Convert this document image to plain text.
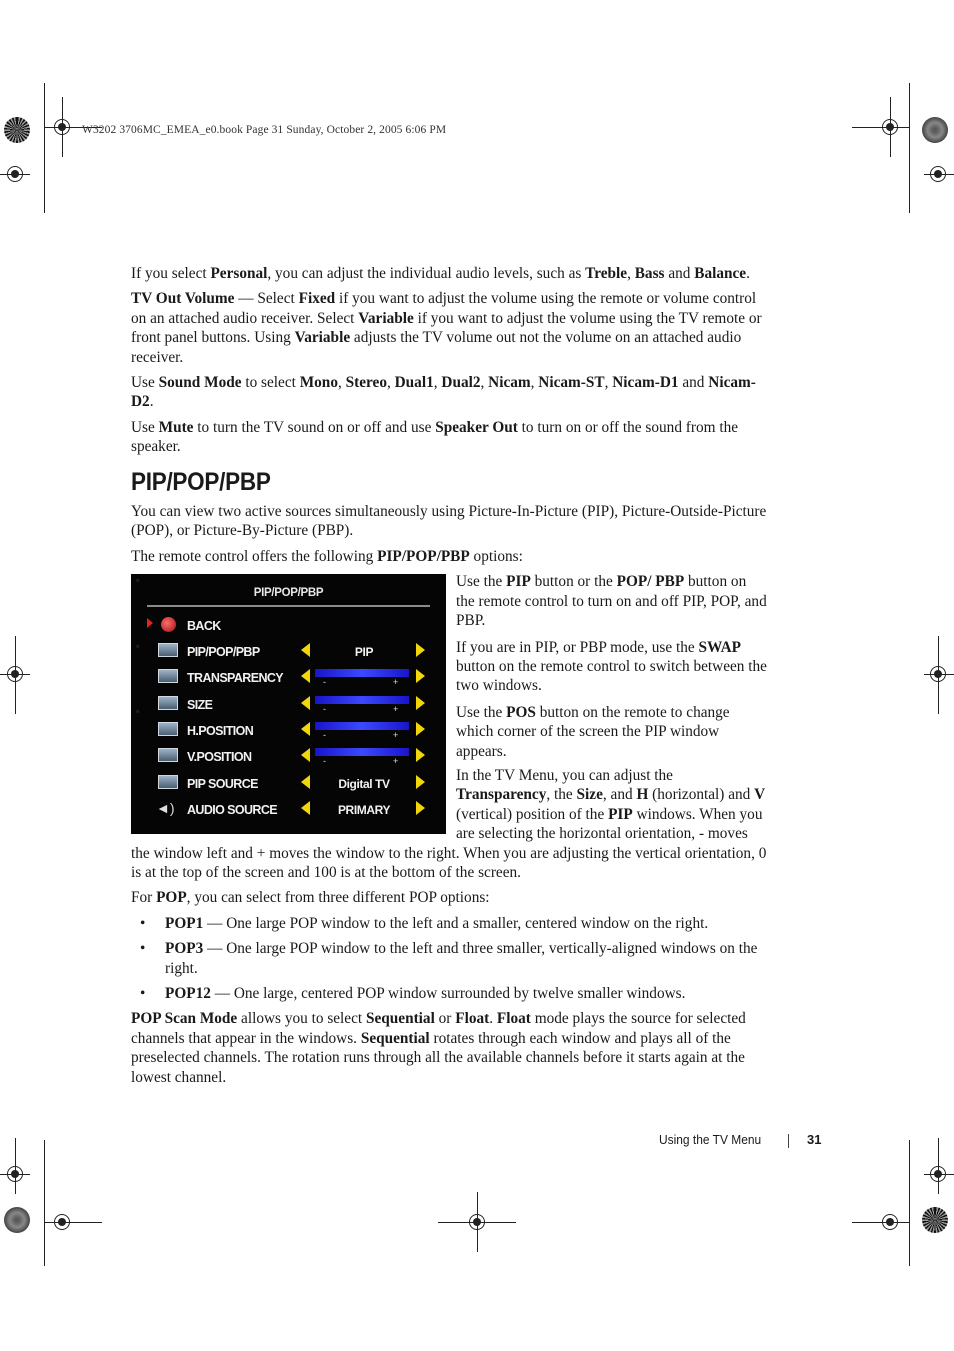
W3202 3706MC_EMEA_e0.book Page 31 Sunday, October 2, 2005 6:06 PM

If you select Personal, you can adjust the individual audio levels, such as Treble, Bass and Balance.

TV Out Volume — Select Fixed if you want to adjust the volume using the remote or volume control on an attached audio receiver. Select Variable if you want to adjust the volume using the TV remote or front panel buttons. Using Variable adjusts the TV volume out not the volume on an attached audio receiver.

Use Sound Mode to select Mono, Stereo, Dual1, Dual2, Nicam, Nicam-ST, Nicam-D1 and Nicam-D2.

Use Mute to turn the TV sound on or off and use Speaker Out to turn on or off the sound from the speaker.

PIP/POP/PBP

You can view two active sources simultaneously using Picture-In-Picture (PIP), Picture-Outside-Picture (POP), or Picture-By-Picture (PBP).

The remote control offers the following PIP/POP/PBP options:

PIP/POP/PBP
BACK
PIP/POP/PBP	PIP
TRANSPARENCY	-	+
SIZE	-	+
H.POSITION	-	+
V.POSITION	-	+
PIP SOURCE	Digital TV
◄) AUDIO SOURCE	PRIMARY
• Use the PIP button or the POP/ PBP button on the remote control to turn on and off PIP, POP, and PBP.
• If you are in PIP, or PBP mode, use the SWAP button on the remote control to switch between the two windows.
• Use the POS button on the remote to change which corner of the screen the PIP window appears.

In the TV Menu, you can adjust the Transparency, the Size, and H (horizontal) and V (vertical) position of the PIP windows. When you are selecting the horizontal orientation, - moves the window left and + moves the window to the right. When you are adjusting the vertical orientation, 0 is at the top of the screen and 100 is at the bottom of the screen.

For POP, you can select from three different POP options:

• POP1 — One large POP window to the left and a smaller, centered window on the right.
• POP3 — One large POP window to the left and three smaller, vertically-aligned windows on the right.
• POP12 — One large, centered POP window surrounded by twelve smaller windows.

POP Scan Mode allows you to select Sequential or Float. Float mode plays the source for selected channels that appear in the windows. Sequential rotates through each window and plays all of the preselected channels. The rotation runs through all the available channels before it starts again at the lowest channel.

Using the TV Menu	31
